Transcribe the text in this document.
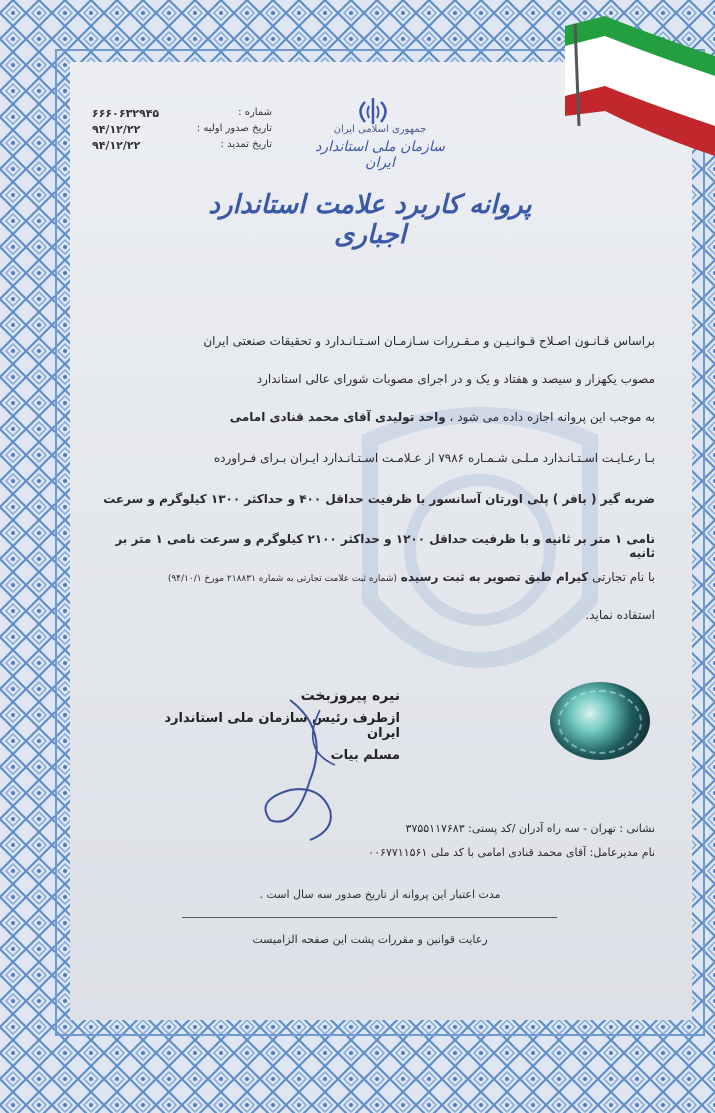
جمهوری اسلامی ایران
سازمان ملی استاندارد ایران
شماره :
۶۶۶۰۶۳۲۹۴۵
تاریخ صدور اولیه :
۹۴/۱۲/۲۲
تاریخ تمدید :
۹۴/۱۲/۲۲
پروانه کاربرد علامت استاندارد اجباری
براساس قـانـون اصـلاح قـوانـیـن و مـقـررات سـازمـان اسـتـانـدارد و تحقیقات صنعتی ایران
مصوب یکهزار و سیصد و هفتاد و یک و در اجرای مصوبات شورای عالی استاندارد
به موجب این پروانه اجازه داده می شود ، واحد تولیدی آقای محمد قنادی امامی
بـا رعـایـت اسـتـانـدارد مـلـی شـمـاره ۷۹۸۶ از عـلامـت اسـتـانـدارد ایـران بـرای فـراورده
ضربه گیر ( بافر ) پلی اورتان آسانسور با ظرفیت حداقل ۴۰۰ و حداکثر ۱۳۰۰ کیلوگرم و سرعت
نامی ۱ متر بر ثانیه و با ظرفیت حداقل ۱۲۰۰ و حداکثر ۲۱۰۰ کیلوگرم و سرعت نامی ۱ متر بر ثانیه
با نام تجارتی کیرام طبق تصویر به ثبت رسیده (شماره ثبت علامت تجارتی به شماره ۲۱۸۸۳۱ مورخ ۹۴/۱۰/۱)
استفاده نماید.
نیره پیروزبخت
ازطرف رئیس سازمان ملی استاندارد ایران
مسلم بیات
نشانی : تهران - سه راه آدران /کد پستی: ۳۷۵۵۱۱۷۶۸۳
نام مدیرعامل: آقای محمد قنادی امامی با کد ملی ۰۰۶۷۷۱۱۵۶۱
مدت اعتبار این پروانه از تاریخ صدور سه سال است .
رعایت قوانین و مقررات پشت این صفحه الزامیست
